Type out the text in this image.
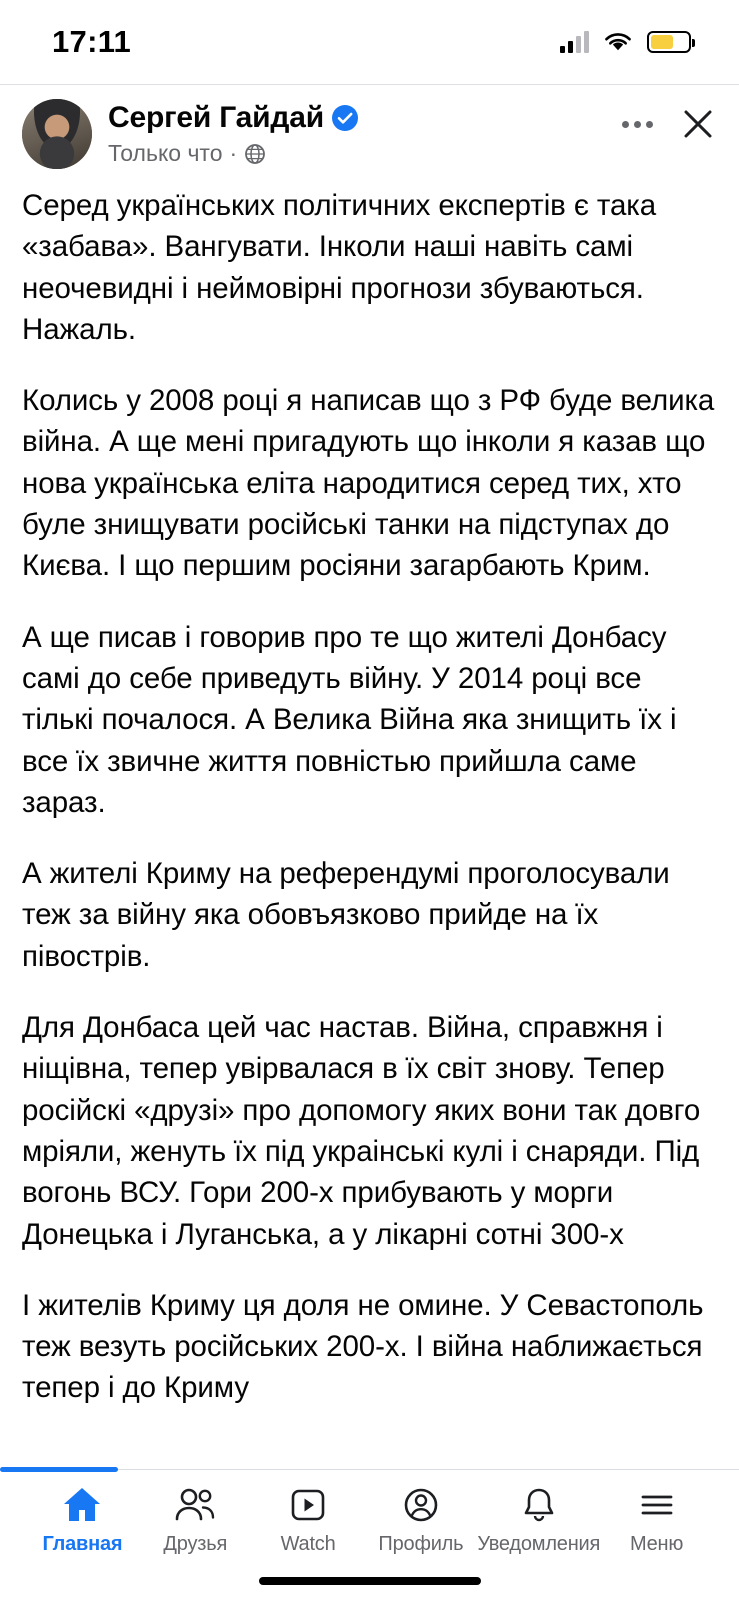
17:11
Сергей Гайдай
Только что ·

Серед українських політичних експертів є така «забава». Вангувати. Інколи наші навіть самі неочевидні і неймовірні прогнози збуваються. Нажаль.

Колись у 2008 році я написав що з РФ буде велика війна. А ще мені пригадують що інколи я казав що нова українська еліта народитися серед тих, хто буле знищувати російські танки на підступах до Києва. І що першим росіяни загарбають Крим.

А ще писав і говорив про те що жителі Донбасу самі до себе приведуть війну. У 2014 році все тількі почалося. А Велика Війна яка знищить їх і все їх звичне життя повністью прийшла саме зараз.

А жителі Криму на референдумі проголосували теж за війну яка обовъязково прийде на їх півострів.

Для Донбаса цей час настав. Війна, справжня і ніщівна, тепер увірвалася в їх світ знову. Тепер російскі «друзі» про допомогу яких вони так довго мріяли, женуть їх під украінські кулі і снаряди. Під вогонь ВСУ. Гори 200-х прибувають у морги Донецька і Луганська, а у лікарні сотні 300-х

І жителів Криму ця доля не омине. У Севастополь теж везуть російських 200-х. І війна наближається тепер і до Криму

Главная Друзья	Watch Профиль Уведомления Меню
